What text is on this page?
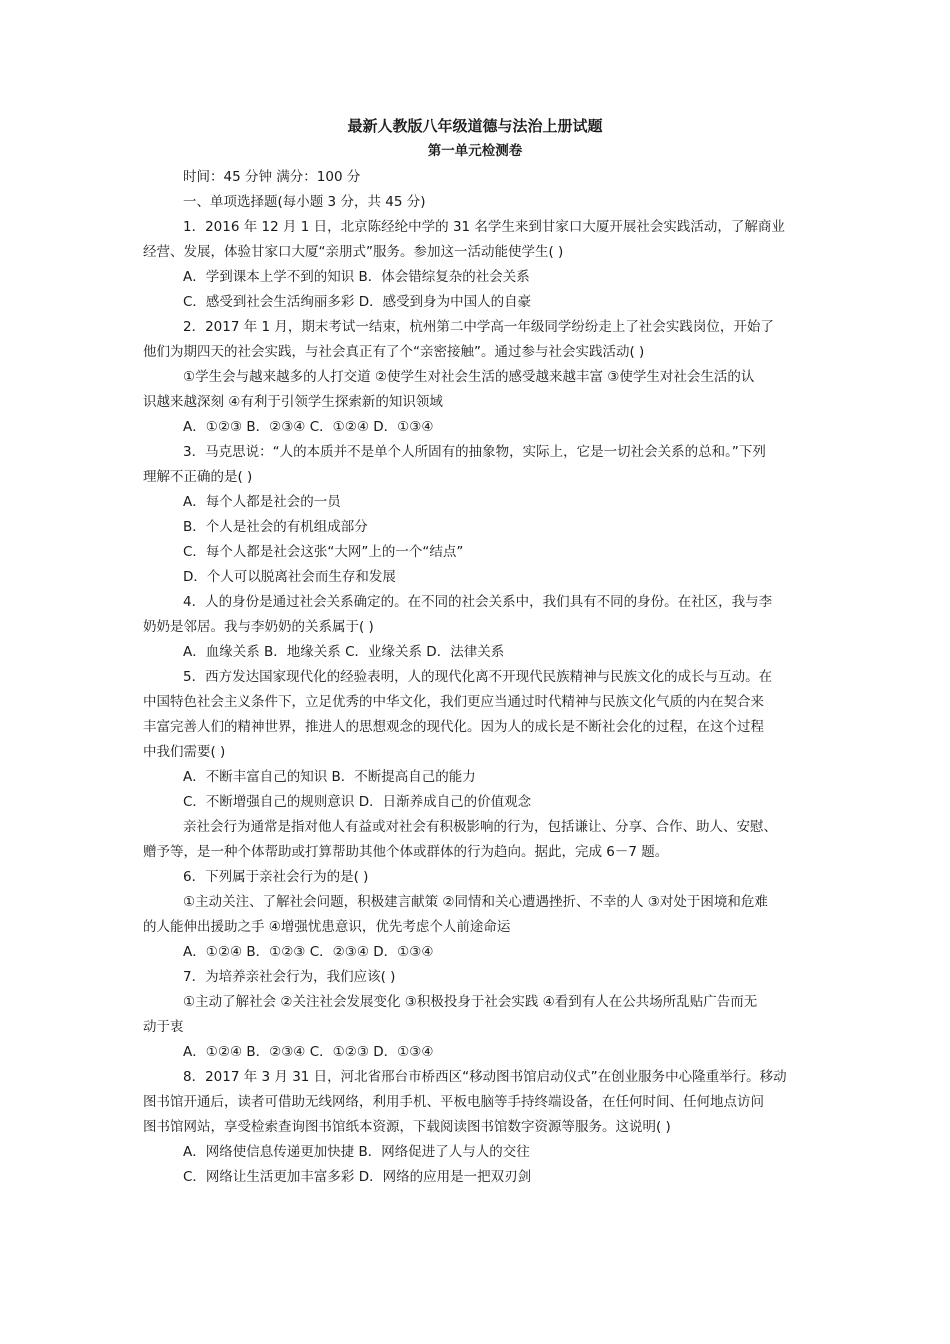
最新人教版八年级道德与法治上册试题
第一单元检测卷
时间：45 分钟 满分：100 分
一、单项选择题(每小题 3 分，共 45 分)
1．2016 年 12 月 1 日，北京陈经纶中学的 31 名学生来到甘家口大厦开展社会实践活动，了解商业
经营、发展，体验甘家口大厦“亲朋式”服务。参加这一活动能使学生( )
A．学到课本上学不到的知识 B．体会错综复杂的社会关系
C．感受到社会生活绚丽多彩 D．感受到身为中国人的自豪
2．2017 年 1 月，期末考试一结束，杭州第二中学高一年级同学纷纷走上了社会实践岗位，开始了
他们为期四天的社会实践，与社会真正有了个“亲密接触”。通过参与社会实践活动( )
①学生会与越来越多的人打交道 ②使学生对社会生活的感受越来越丰富 ③使学生对社会生活的认
识越来越深刻 ④有利于引领学生探索新的知识领域
A．①②③ B．②③④ C．①②④ D．①③④
3．马克思说：“人的本质并不是单个人所固有的抽象物，实际上，它是一切社会关系的总和。”下列
理解不正确的是( )
A．每个人都是社会的一员
B．个人是社会的有机组成部分
C．每个人都是社会这张“大网”上的一个“结点”
D．个人可以脱离社会而生存和发展
4．人的身份是通过社会关系确定的。在不同的社会关系中，我们具有不同的身份。在社区，我与李
奶奶是邻居。我与李奶奶的关系属于( )
A．血缘关系 B．地缘关系 C．业缘关系 D．法律关系
5．西方发达国家现代化的经验表明，人的现代化离不开现代民族精神与民族文化的成长与互动。在
中国特色社会主义条件下，立足优秀的中华文化，我们更应当通过时代精神与民族文化气质的内在契合来
丰富完善人们的精神世界，推进人的思想观念的现代化。因为人的成长是不断社会化的过程，在这个过程
中我们需要( )
A．不断丰富自己的知识 B．不断提高自己的能力
C．不断增强自己的规则意识 D．日渐养成自己的价值观念
亲社会行为通常是指对他人有益或对社会有积极影响的行为，包括谦让、分享、合作、助人、安慰、
赠予等，是一种个体帮助或打算帮助其他个体或群体的行为趋向。据此，完成 6－7 题。
6．下列属于亲社会行为的是( )
①主动关注、了解社会问题，积极建言献策 ②同情和关心遭遇挫折、不幸的人 ③对处于困境和危难
的人能伸出援助之手 ④增强忧患意识，优先考虑个人前途命运
A．①②④ B．①②③ C．②③④ D．①③④
7．为培养亲社会行为，我们应该( )
①主动了解社会 ②关注社会发展变化 ③积极投身于社会实践 ④看到有人在公共场所乱贴广告而无
动于衷
A．①②④ B．②③④ C．①②③ D．①③④
8．2017 年 3 月 31 日，河北省邢台市桥西区“移动图书馆启动仪式”在创业服务中心隆重举行。移动
图书馆开通后，读者可借助无线网络，利用手机、平板电脑等手持终端设备，在任何时间、任何地点访问
图书馆网站，享受检索查询图书馆纸本资源，下载阅读图书馆数字资源等服务。这说明( )
A．网络使信息传递更加快捷 B．网络促进了人与人的交往
C．网络让生活更加丰富多彩 D．网络的应用是一把双刃剑
